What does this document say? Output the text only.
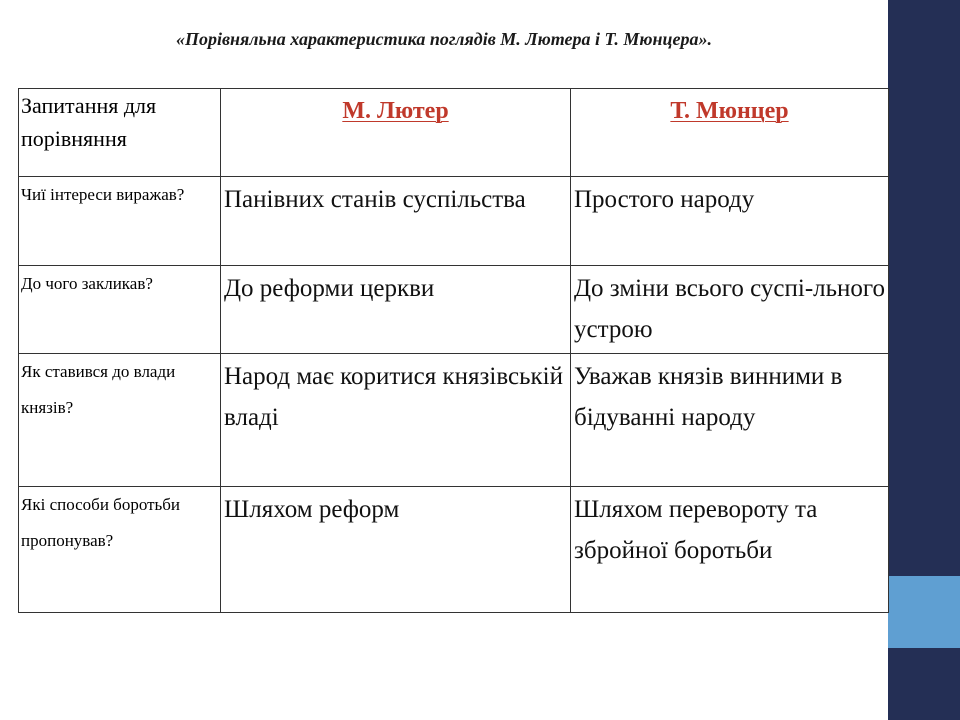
«Порівняльна характеристика поглядів М. Лютера і Т. Мюнцера».
Запитання для порівняння	М. Лютер	Т. Мюнцер
Чиї інтереси виражав?	Панівних станів суспільства	Простого народу
До чого закликав?	До реформи церкви	До зміни всього суспі-льного устрою
Як ставився до влади князів?	Народ має коритися князівській владі	Уважав князів винними в бідуванні народу
Які способи боротьби пропонував?	Шляхом реформ	Шляхом перевороту та збройної боротьби
